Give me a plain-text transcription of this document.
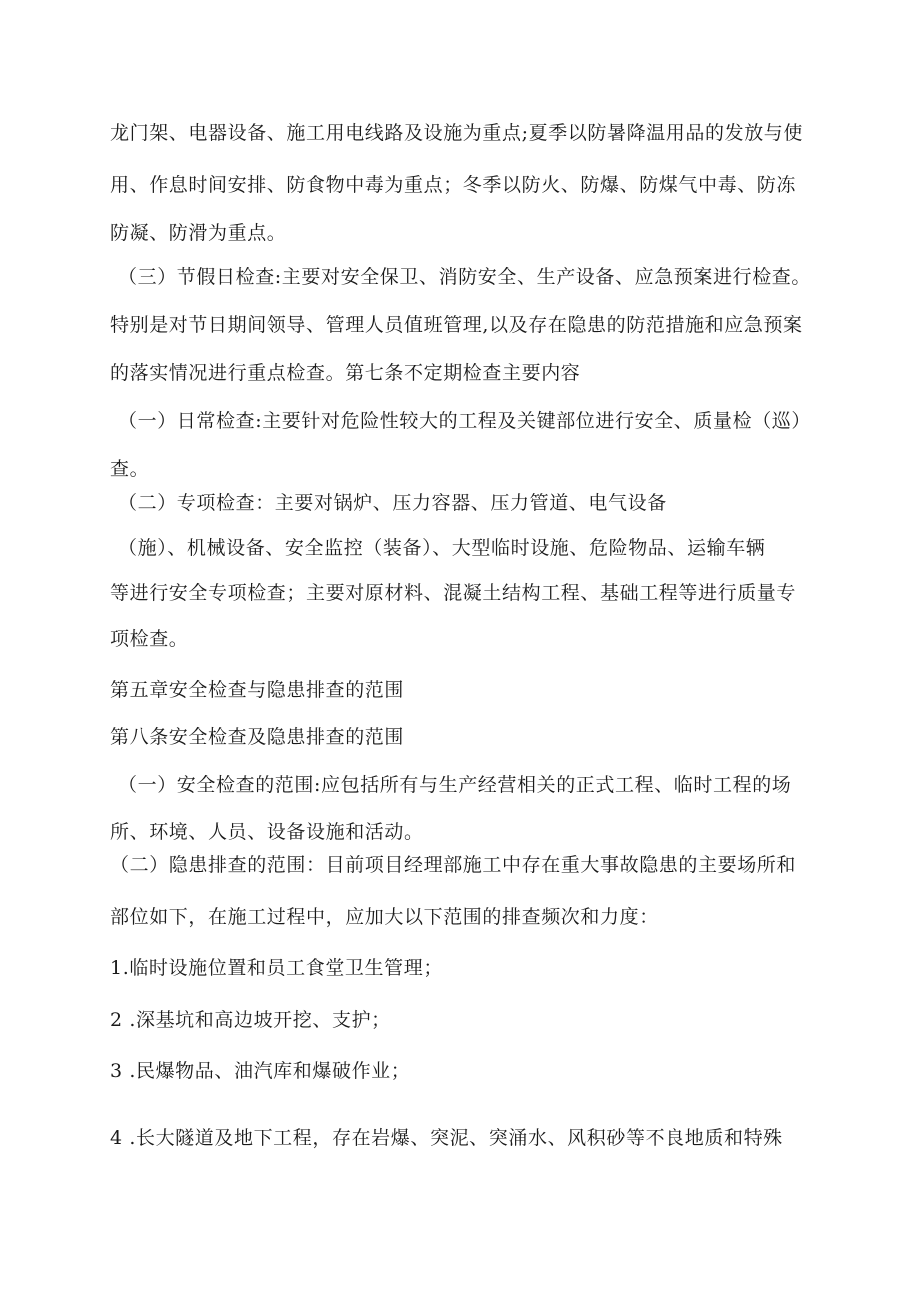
龙门架、电器设备、施工用电线路及设施为重点;夏季以防暑降温用品的发放与使
用、作息时间安排、防食物中毒为重点；冬季以防火、防爆、防煤气中毒、防冻
防凝、防滑为重点。
（三）节假日检查:主要对安全保卫、消防安全、生产设备、应急预案进行检查。
特别是对节日期间领导、管理人员值班管理,以及存在隐患的防范措施和应急预案
的落实情况进行重点检查。第七条不定期检查主要内容
（一）日常检查:主要针对危险性较大的工程及关键部位进行安全、质量检（巡）
查。
（二）专项检查：主要对锅炉、压力容器、压力管道、电气设备
（施）、机械设备、安全监控（装备）、大型临时设施、危险物品、运输车辆
等进行安全专项检查；主要对原材料、混凝土结构工程、基础工程等进行质量专
项检查。
第五章安全检查与隐患排查的范围
第八条安全检查及隐患排查的范围
（一）安全检查的范围:应包括所有与生产经营相关的正式工程、临时工程的场
所、环境、人员、设备设施和活动。
（二）隐患排查的范围：目前项目经理部施工中存在重大事故隐患的主要场所和
部位如下，在施工过程中，应加大以下范围的排查频次和力度：
1.临时设施位置和员工食堂卫生管理；
2 .深基坑和高边坡开挖、支护；
3 .民爆物品、油汽库和爆破作业；
4 .长大隧道及地下工程，存在岩爆、突泥、突涌水、风积砂等不良地质和特殊
